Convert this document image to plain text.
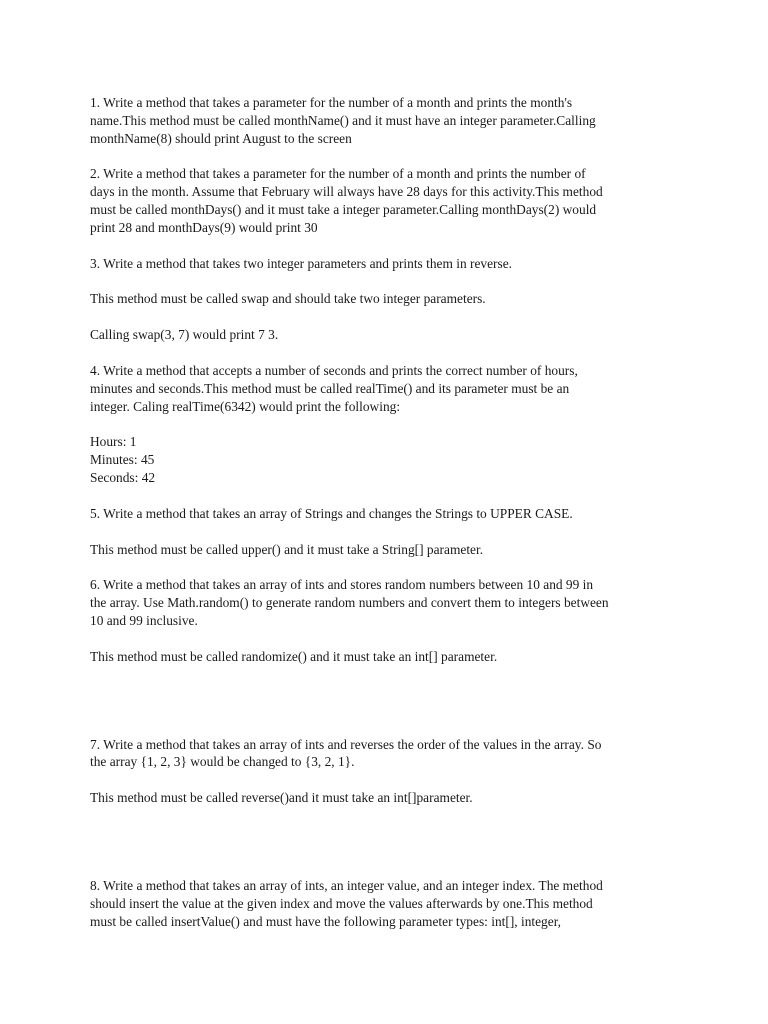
1. Write a method that takes a parameter for the number of a month and prints the month's
name.This method must be called monthName() and it must have an integer parameter.Calling
monthName(8) should print August to the screen

2. Write a method that takes a parameter for the number of a month and prints the number of
days in the month. Assume that February will always have 28 days for this activity.This method
must be called monthDays() and it must take a integer parameter.Calling monthDays(2) would
print 28 and monthDays(9) would print 30

3. Write a method that takes two integer parameters and prints them in reverse.

This method must be called swap and should take two integer parameters.

Calling swap(3, 7) would print 7 3.

4. Write a method that accepts a number of seconds and prints the correct number of hours,
minutes and seconds.This method must be called realTime() and its parameter must be an
integer. Caling realTime(6342) would print the following:

Hours: 1
Minutes: 45
Seconds: 42

5. Write a method that takes an array of Strings and changes the Strings to UPPER CASE.

This method must be called upper() and it must take a String[] parameter.

6. Write a method that takes an array of ints and stores random numbers between 10 and 99 in
the array. Use Math.random() to generate random numbers and convert them to integers between
10 and 99 inclusive.

This method must be called randomize() and it must take an int[] parameter.

7. Write a method that takes an array of ints and reverses the order of the values in the array. So
the array {1, 2, 3} would be changed to {3, 2, 1}.

This method must be called reverse()and it must take an int[]parameter.

8. Write a method that takes an array of ints, an integer value, and an integer index. The method
should insert the value at the given index and move the values afterwards by one.This method
must be called insertValue() and must have the following parameter types: int[], integer,
